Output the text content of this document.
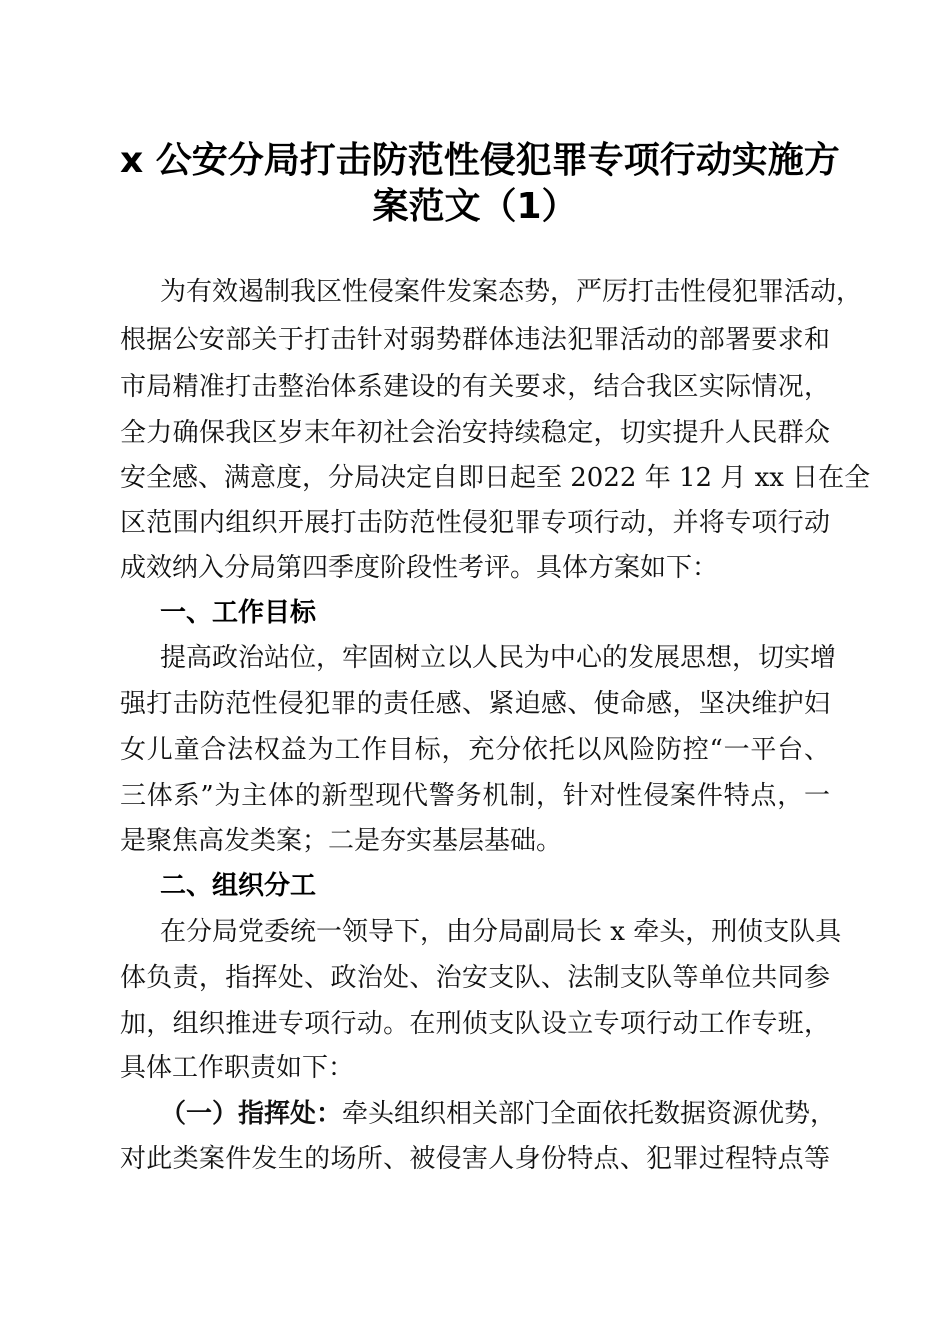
x 公安分局打击防范性侵犯罪专项行动实施方
案范文（1）
为有效遏制我区性侵案件发案态势，严厉打击性侵犯罪活动，
根据公安部关于打击针对弱势群体违法犯罪活动的部署要求和
市局精准打击整治体系建设的有关要求，结合我区实际情况，
全力确保我区岁末年初社会治安持续稳定，切实提升人民群众
安全感、满意度，分局决定自即日起至 2022 年 12 月 xx 日在全
区范围内组织开展打击防范性侵犯罪专项行动，并将专项行动
成效纳入分局第四季度阶段性考评。具体方案如下：
一、工作目标
提高政治站位，牢固树立以人民为中心的发展思想，切实增
强打击防范性侵犯罪的责任感、紧迫感、使命感，坚决维护妇
女儿童合法权益为工作目标，充分依托以风险防控“一平台、
三体系”为主体的新型现代警务机制，针对性侵案件特点，一
是聚焦高发类案；二是夯实基层基础。
二、组织分工
在分局党委统一领导下，由分局副局长 x 牵头，刑侦支队具
体负责，指挥处、政治处、治安支队、法制支队等单位共同参
加，组织推进专项行动。在刑侦支队设立专项行动工作专班，
具体工作职责如下：
（一）指挥处：牵头组织相关部门全面依托数据资源优势，
对此类案件发生的场所、被侵害人身份特点、犯罪过程特点等
